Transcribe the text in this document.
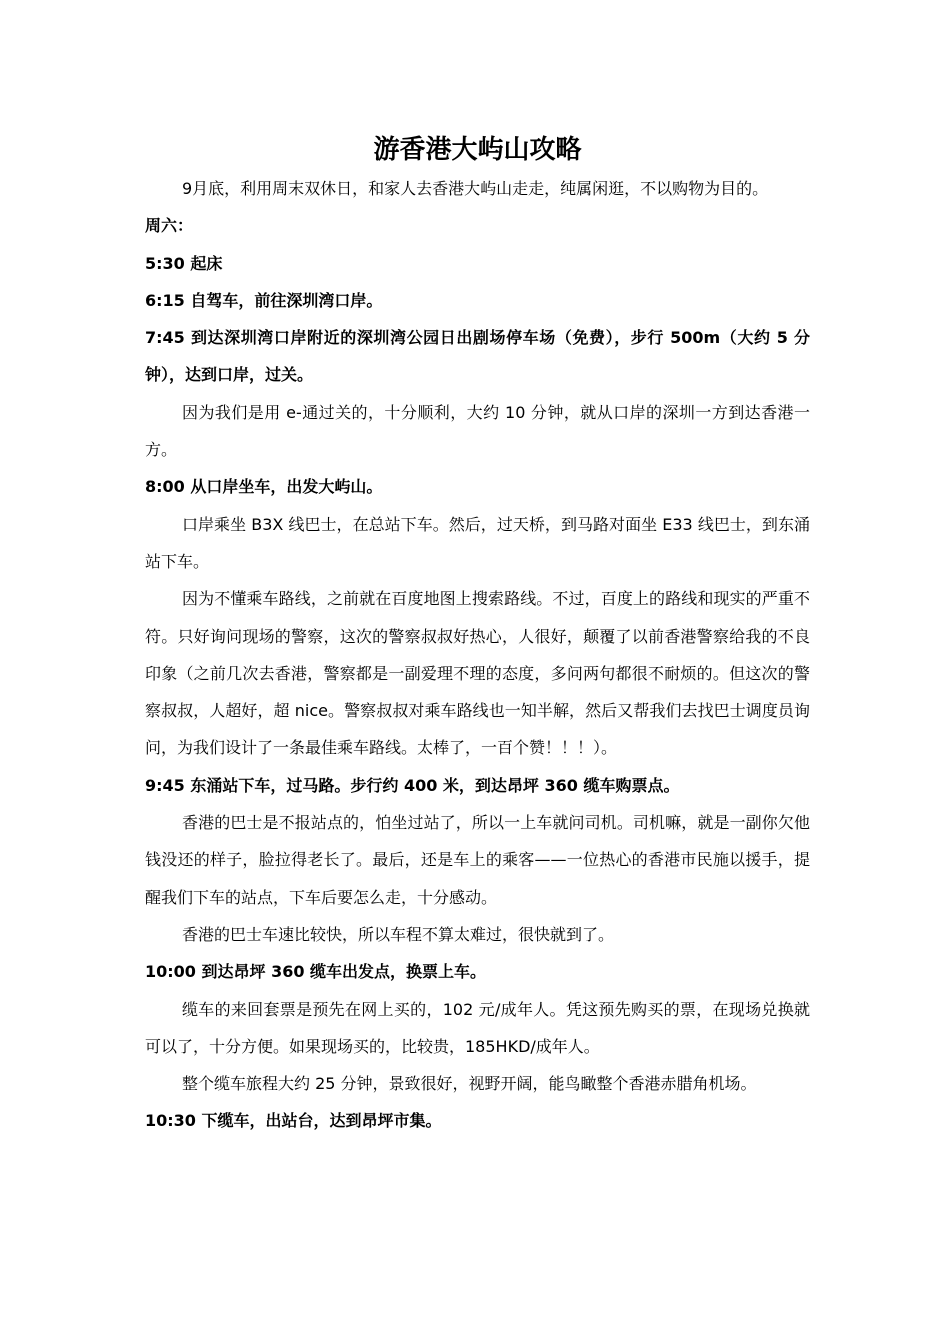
游香港大屿山攻略

9月底，利用周末双休日，和家人去香港大屿山走走，纯属闲逛，不以购物为目的。

周六：

5:30 起床

6:15 自驾车，前往深圳湾口岸。

7:45 到达深圳湾口岸附近的深圳湾公园日出剧场停车场（免费），步行 500m（大约 5 分钟），达到口岸，过关。

因为我们是用 e-通过关的，十分顺利，大约 10 分钟，就从口岸的深圳一方到达香港一方。

8:00 从口岸坐车，出发大屿山。

口岸乘坐 B3X 线巴士，在总站下车。然后，过天桥，到马路对面坐 E33 线巴士，到东涌站下车。

因为不懂乘车路线，之前就在百度地图上搜索路线。不过，百度上的路线和现实的严重不符。只好询问现场的警察，这次的警察叔叔好热心，人很好，颠覆了以前香港警察给我的不良印象（之前几次去香港，警察都是一副爱理不理的态度，多问两句都很不耐烦的。但这次的警察叔叔，人超好，超 nice。警察叔叔对乘车路线也一知半解，然后又帮我们去找巴士调度员询问，为我们设计了一条最佳乘车路线。太棒了，一百个赞！！！）。

9:45 东涌站下车，过马路。步行约 400 米，到达昂坪 360 缆车购票点。

香港的巴士是不报站点的，怕坐过站了，所以一上车就问司机。司机嘛，就是一副你欠他钱没还的样子，脸拉得老长了。最后，还是车上的乘客——一位热心的香港市民施以援手，提醒我们下车的站点，下车后要怎么走，十分感动。

香港的巴士车速比较快，所以车程不算太难过，很快就到了。

10:00 到达昂坪 360 缆车出发点，换票上车。

缆车的来回套票是预先在网上买的，102 元/成年人。凭这预先购买的票，在现场兑换就可以了，十分方便。如果现场买的，比较贵，185HKD/成年人。

整个缆车旅程大约 25 分钟，景致很好，视野开阔，能鸟瞰整个香港赤腊角机场。

10:30 下缆车，出站台，达到昂坪市集。
